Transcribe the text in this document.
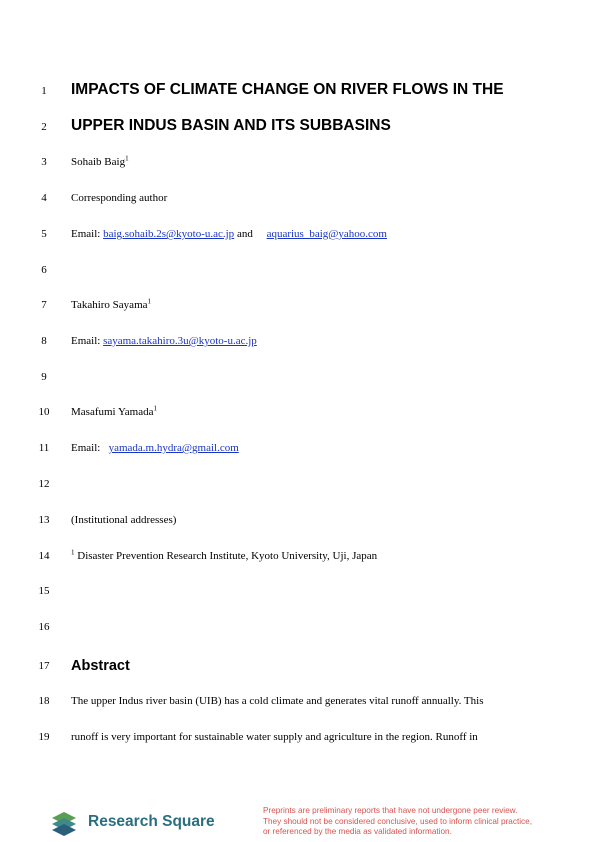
1
2
3
4
5
6
7
8
9
10
11
12
13
14
15
16
17
18
19
IMPACTS OF CLIMATE CHANGE ON RIVER FLOWS IN THE
UPPER INDUS BASIN AND ITS SUBBASINS
Sohaib Baig$^1$
Corresponding author
Email: baig.sohaib.2s@kyoto-u.ac.jp and aquarius_baig@yahoo.com
Takahiro Sayama$^1$
Email: sayama.takahiro.3u@kyoto-u.ac.jp
Masafumi Yamada$^1$
Email: yamada.m.hydra@gmail.com
(Institutional addresses)
$^1$ Disaster Prevention Research Institute, Kyoto University, Uji, Japan
Abstract
The upper Indus river basin (UIB) has a cold climate and generates vital runoff annually. This
runoff is very important for sustainable water supply and agriculture in the region. Runoff in
Research Square
Preprints are preliminary reports that have not undergone peer review.
They should not be considered conclusive, used to inform clinical practice,
or referenced by the media as validated information.
